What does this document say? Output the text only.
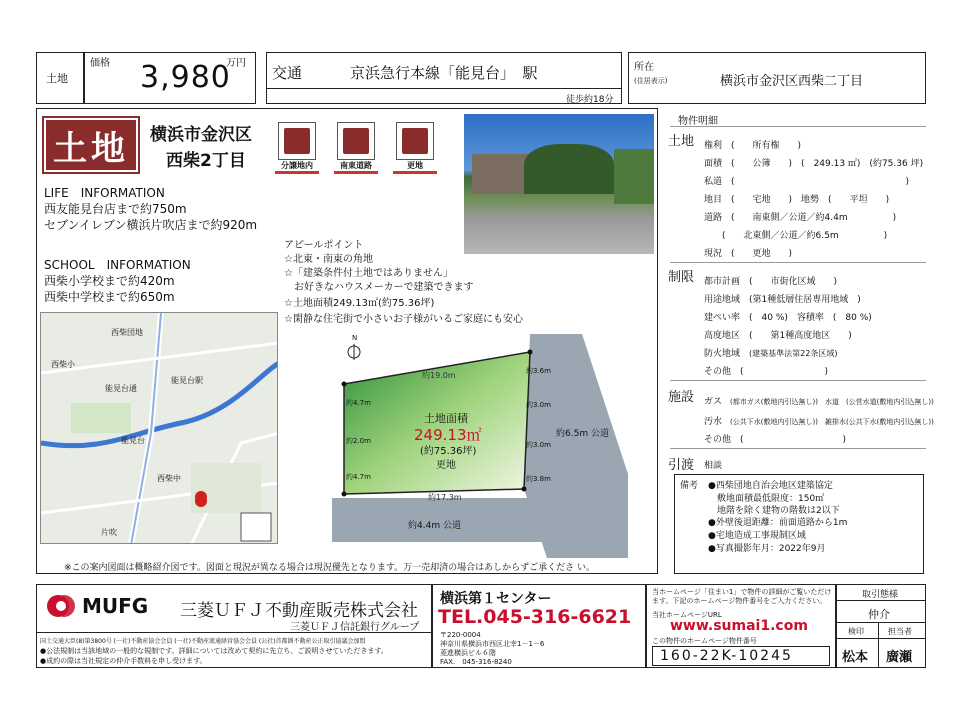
土地
価格 3,980
万円
交通	京浜急行本線「能見台」　駅
徒歩約18分
所在
(住居表示)	横浜市金沢区西柴二丁目
土地 横浜市金沢区
西柴2丁目	分譲地内	南東道路	更地
LIFE　INFORMATION
西友能見台店まで約750m
セブンイレブン横浜片吹店まで約920m
SCHOOL　INFORMATION
西柴小学校まで約420m
西柴中学校まで約650m
アピールポイント
☆北東・南東の角地
☆「建築条件付土地ではありません」
　お好きなハウスメーカーで建築できます
☆土地面積249.13㎡(約75.36坪)
☆閑静な住宅街で小さいお子様がいるご家庭にも安心
西柴団地
西柴小
能見台通
能見台駅
能見台
西柴中
片吹
N
約19.0m
約17.3m
約3.6m
約3.0m
約3.0m
約3.8m
約4.7m
約2.0m
約4.7m
土地面積
249.13㎡
(約75.36坪)
更地
約6.5m 公道
約4.4m 公道
※この案内図面は概略紹介図です。図面と現況が異なる場合は現況優先となります。万一売却済の場合はあしからずご承くださ い。
物件明細
土地 権利　 (　　所有権　　)
面積　 (　　公簿　　)　(　249.13 ㎡)　(約75.36 坪)
私道　 (　　　　　　　　　　　　　　　　　　　)
地目　 (　　宅地　　)　地勢　(　　平坦　　)
道路　 (　　南東側／公道／約4.4m　　　　　)
(　　北東側／公道／約6.5m　　　　　)
現況　 (　　更地　　)
制限 都市計画　 (　　市街化区域　　)
用途地域　 (第1種低層住居専用地域　)
建ぺい率　 (　40 %)　容積率　(　80 %)
高度地区　 (　　第1種高度地区　　)
防火地域　 (建築基準法第22条区域)
その他　 (　　　　　　　　　)
施設 ガス　 (都市ガス(敷地内引込無し))　水道　(公営水道(敷地内引込無し))
汚水　 (公共下水(敷地内引込無し))　雑排水(公共下水(敷地内引込無し))
その他　 (　　　　　　　　　　　)
引渡 相談
備考 ●西柴団地自治会地区建築協定
　敷地面積最低限度：150㎡
　地階を除く建物の階数は2以下
●外壁後退距離：前面道路から1m
●宅地造成工事規制区域
●写真撮影年月：2022年9月
MUFG 三菱ＵＦＪ不動産販売株式会社
三菱ＵＦＪ信託銀行グループ
国土交通大臣(8)第3800号 (一社)不動産協会会員 (一社)不動産流通経営協会会員 (公社)首都圏不動産公正取引協議会加盟
●公法規制は当該地域の一般的な規制です。詳細については改めて契約に先立ち、ご説明させていただきます。
●成約の際は当社規定の仲介手数料を申し受けます。
横浜第１センター
TEL.045-316-6621
〒220-0004
神奈川県横浜市西区北幸1－1－6
菱進横浜ビル６階
FAX.　045-316-8240
当ホームページ「住まい1」で物件の詳細がご覧いただけます。下記のホームページ物件番号をご入力ください。
当社ホームページURL
www.sumai1.com
この物件のホームページ物件番号
160-22K-10245
取引態様
仲介
検印	担当者
松本 廣瀬
